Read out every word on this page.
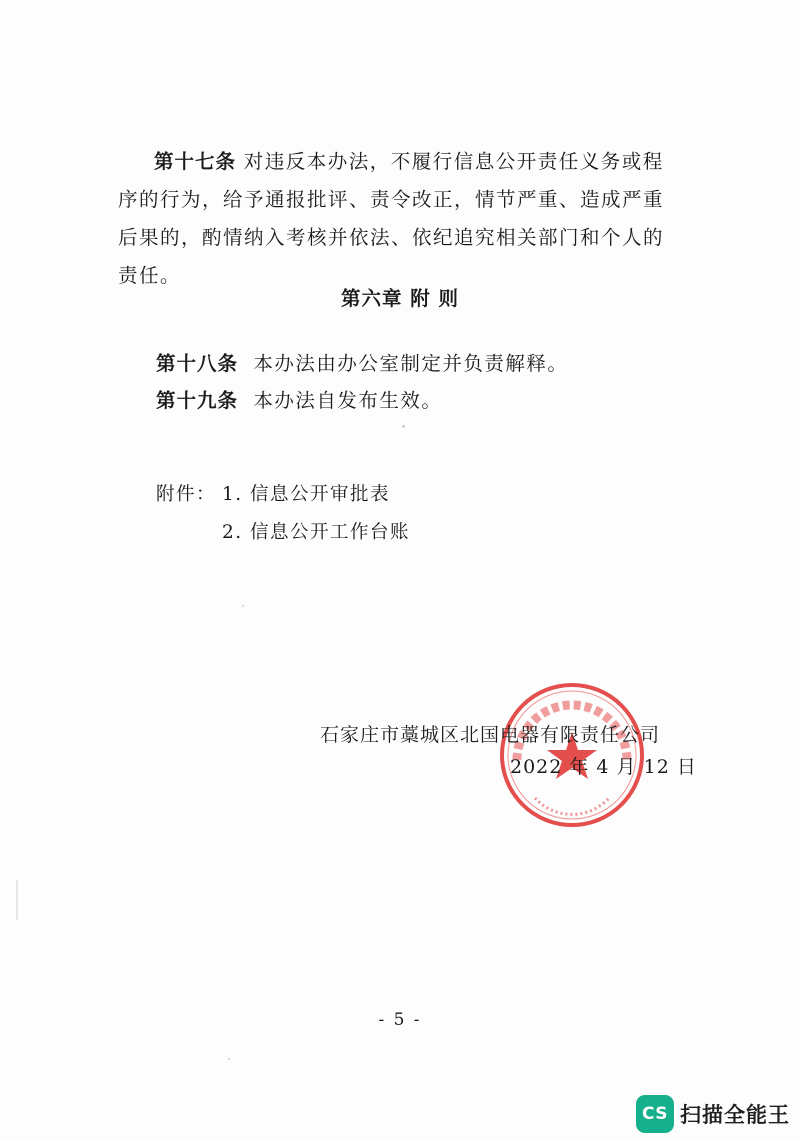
第十七条 对违反本办法，不履行信息公开责任义务或程序的行为，给予通报批评、责令改正，情节严重、造成严重后果的，酌情纳入考核并依法、依纪追究相关部门和个人的责任。

第六章 附 则
第十八条 本办法由办公室制定并负责解释。
第十九条 本办法自发布生效。
附件： 1. 信息公开审批表
2. 信息公开工作台账
石家庄市藁城区北国电器有限责任公司
2022 年 4 月 12 日
- 5 -
CS 扫描全能王
